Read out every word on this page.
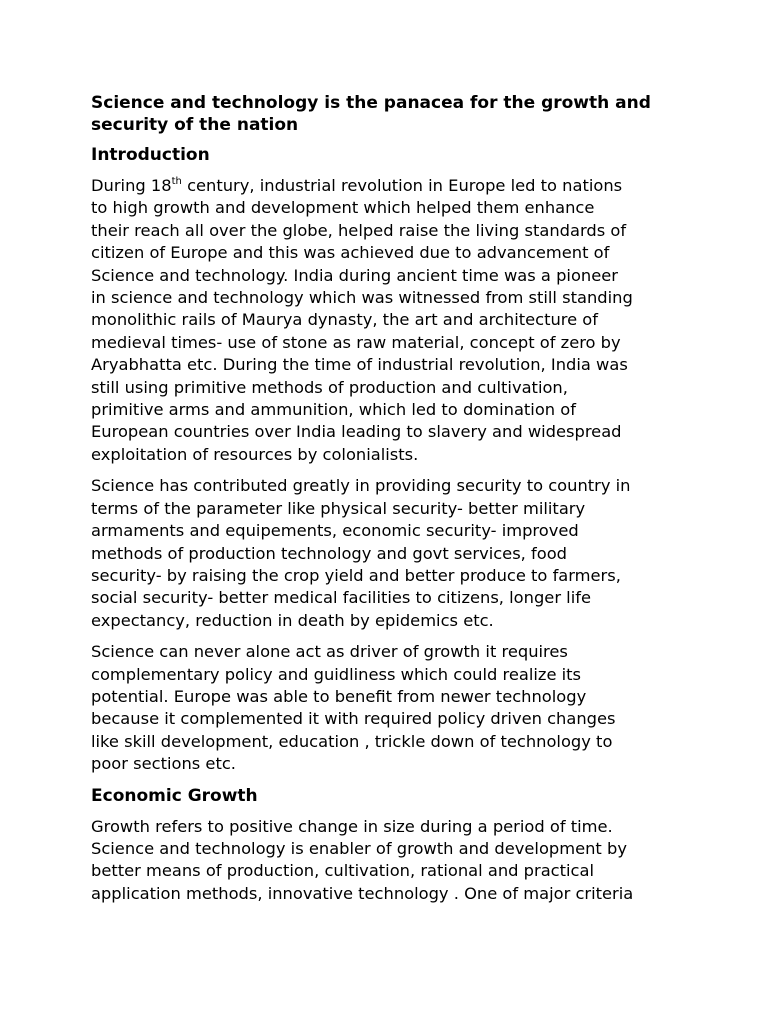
Science and technology is the panacea for the growth and
security of the nation
Introduction

During 18th century, industrial revolution in Europe led to nations
to high growth and development which helped them enhance
their reach all over the globe, helped raise the living standards of
citizen of Europe and this was achieved due to advancement of
Science and technology. India during ancient time was a pioneer
in science and technology which was witnessed from still standing
monolithic rails of Maurya dynasty, the art and architecture of
medieval times- use of stone as raw material, concept of zero by
Aryabhatta etc. During the time of industrial revolution, India was
still using primitive methods of production and cultivation,
primitive arms and ammunition, which led to domination of
European countries over India leading to slavery and widespread
exploitation of resources by colonialists.

Science has contributed greatly in providing security to country in
terms of the parameter like physical security- better military
armaments and equipements, economic security- improved
methods of production technology and govt services, food
security- by raising the crop yield and better produce to farmers,
social security- better medical facilities to citizens, longer life
expectancy, reduction in death by epidemics etc.

Science can never alone act as driver of growth it requires
complementary policy and guidliness which could realize its
potential. Europe was able to benefit from newer technology
because it complemented it with required policy driven changes
like skill development, education , trickle down of technology to
poor sections etc.

Economic Growth

Growth refers to positive change in size during a period of time.
Science and technology is enabler of growth and development by
better means of production, cultivation, rational and practical
application methods, innovative technology . One of major criteria
